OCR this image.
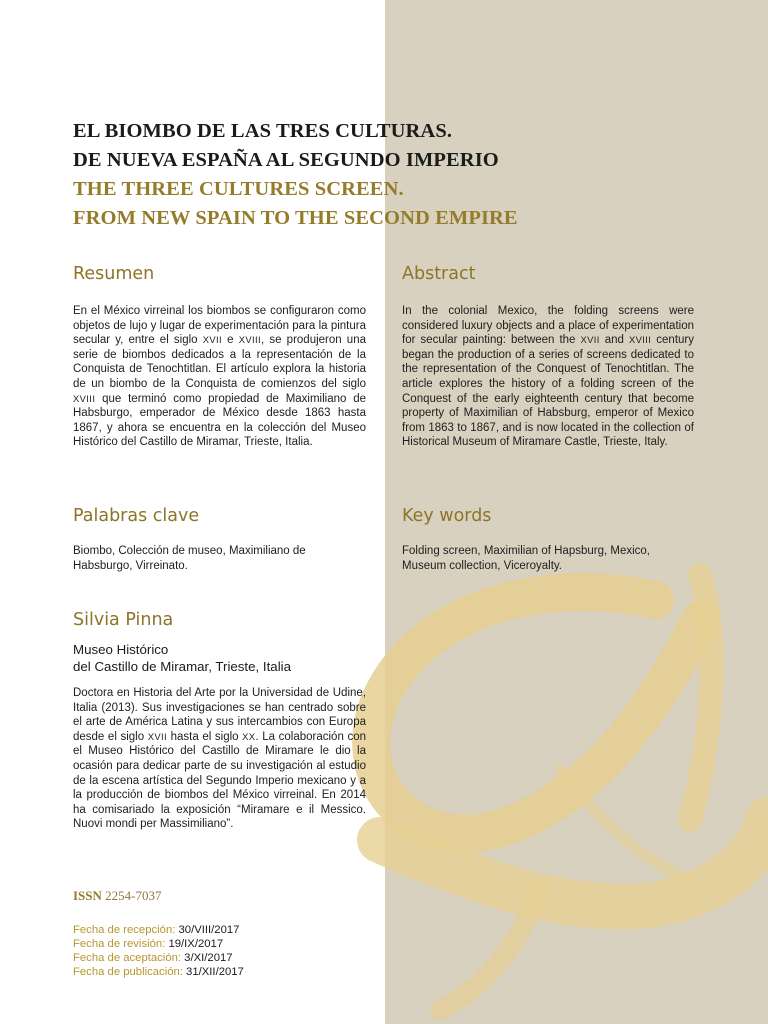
EL BIOMBO DE LAS TRES CULTURAS.
DE NUEVA ESPAÑA AL SEGUNDO IMPERIO
THE THREE CULTURES SCREEN.
FROM NEW SPAIN TO THE SECOND EMPIRE
Resumen
En el México virreinal los biombos se configuraron como objetos de lujo y lugar de experimentación para la pintura secular y, entre el siglo XVII e XVIII, se produjeron una serie de biombos dedicados a la representación de la Conquista de Tenochtitlan. El artículo explora la historia de un biombo de la Conquista de comienzos del siglo XVIII que terminó como propiedad de Maximiliano de Habsburgo, emperador de México desde 1863 hasta 1867, y ahora se encuentra en la colección del Museo Histórico del Castillo de Miramar, Trieste, Italia.
Palabras clave
Biombo, Colección de museo, Maximiliano de Habsburgo, Virreinato.
Silvia Pinna
Museo Histórico
del Castillo de Miramar, Trieste, Italia
Doctora en Historia del Arte por la Universidad de Udine, Italia (2013). Sus investigaciones se han centrado sobre el arte de América Latina y sus intercambios con Europa desde el siglo XVII hasta el siglo XX. La colaboración con el Museo Histórico del Castillo de Miramare le dio la ocasión para dedicar parte de su investigación al estudio de la escena artística del Segundo Imperio mexicano y a la producción de biombos del México virreinal. En 2014 ha comisariado la exposición “Miramare e il Messico. Nuovi mondi per Massimiliano”.
ISSN 2254-7037
Fecha de recepción: 30/VIII/2017
Fecha de revisión: 19/IX/2017
Fecha de aceptación: 3/XI/2017
Fecha de publicación: 31/XII/2017
Abstract
In the colonial Mexico, the folding screens were considered luxury objects and a place of experimentation for secular painting: between the XVII and XVIII century began the production of a series of screens dedicated to the representation of the Conquest of Tenochtitlan. The article explores the history of a folding screen of the Conquest of the early eighteenth century that become property of Maximilian of Habsburg, emperor of Mexico from 1863 to 1867, and is now located in the collection of Historical Museum of Miramare Castle, Trieste, Italy.
Key words
Folding screen, Maximilian of Hapsburg, Mexico, Museum collection, Viceroyalty.
